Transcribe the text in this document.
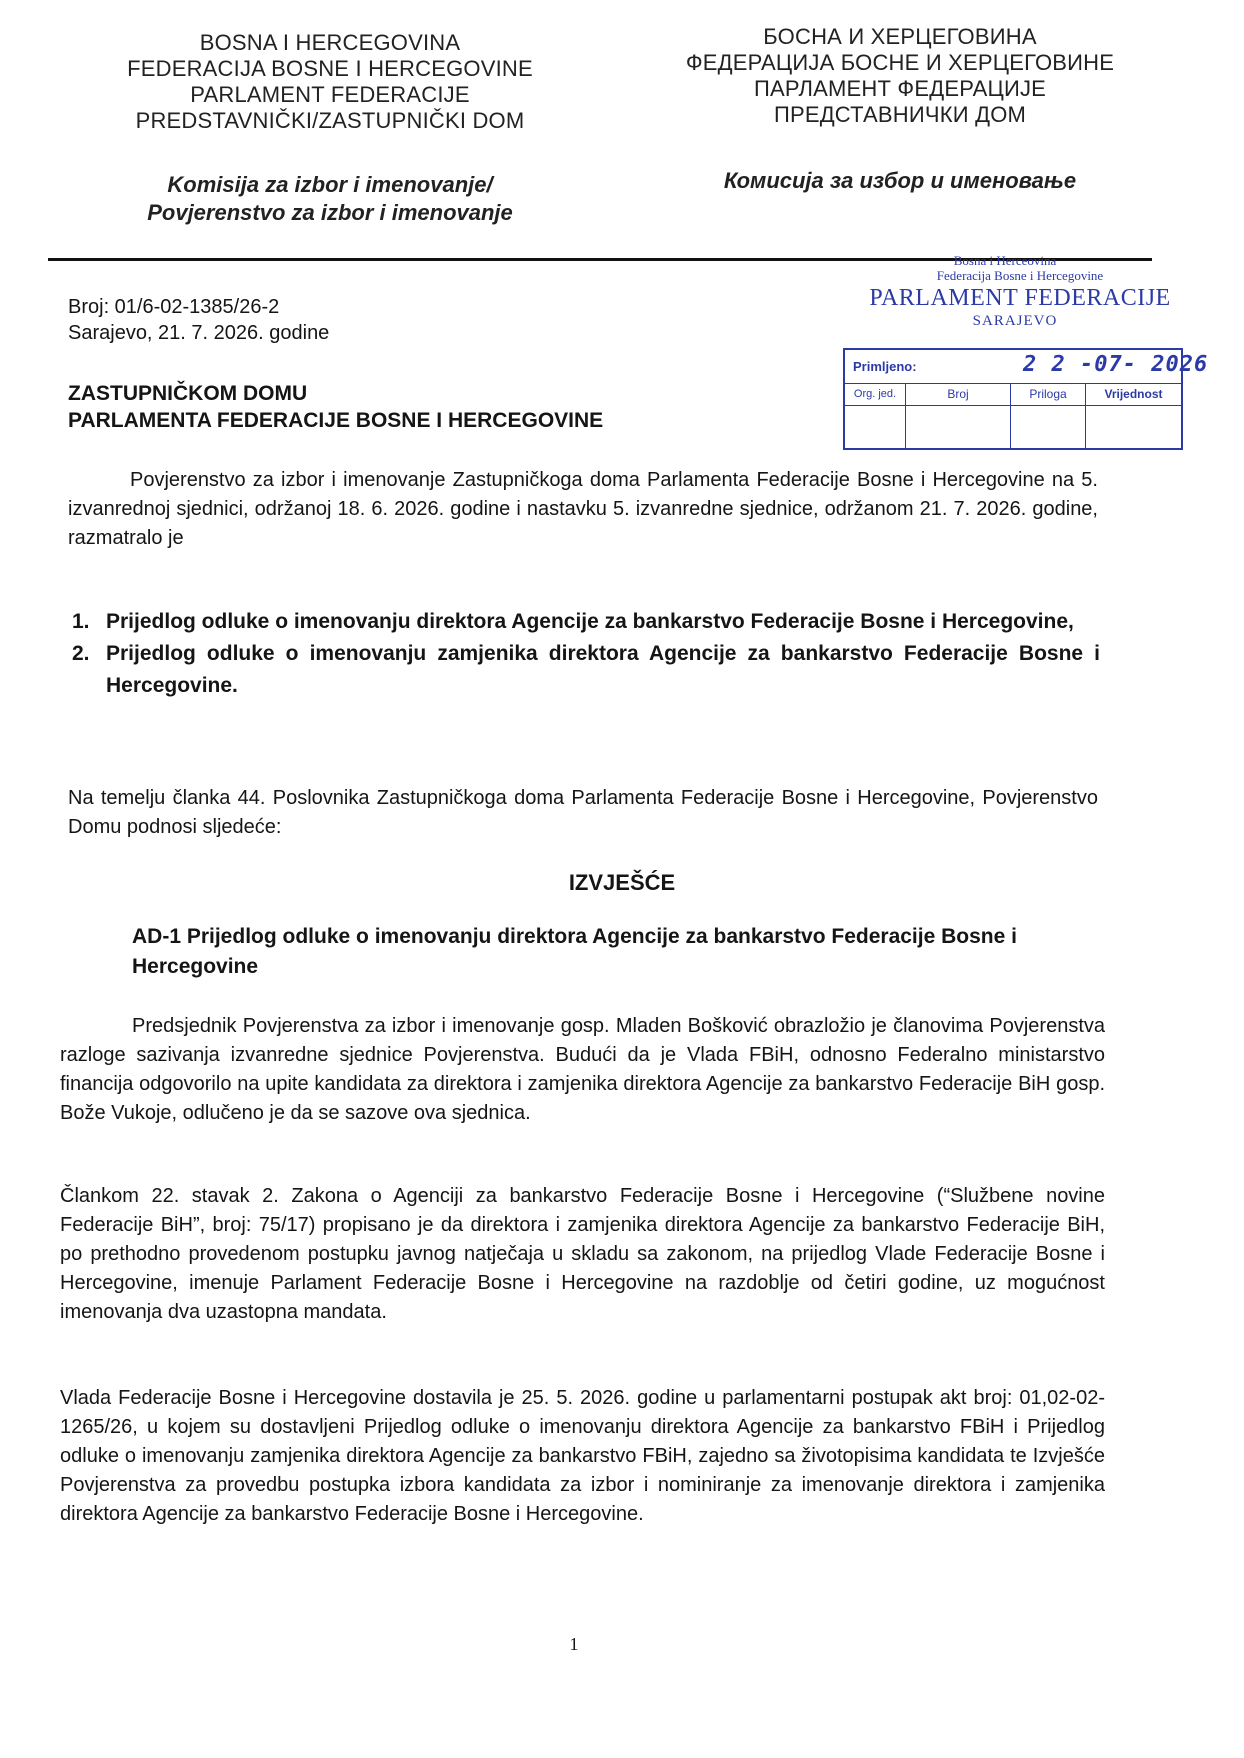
BOSNA I HERCEGOVINA
FEDERACIJA BOSNE I HERCEGOVINE
PARLAMENT FEDERACIJE
PREDSTAVNIČKI/ZASTUPNIČKI DOM
БОСНА И ХЕРЦЕГОВИНА
ФЕДЕРАЦИЈА БОСНЕ И ХЕРЦЕГОВИНЕ
ПАРЛАМЕНТ ФЕДЕРАЦИЈЕ
ПРЕДСТАВНИЧКИ ДОМ
Komisija za izbor i imenovanje/
Povjerenstvo za izbor i imenovanje
Комисија за избор и именовање
Bosna i Herceovina
Federacija Bosne i Hercegovine
PARLAMENT FEDERACIJE
SARAJEVO
Primljeno: 2 2 -07- 2026			

Org. jed.	Broj	Priloga	Vrijednost

Broj: 01/6-02-1385/26-2
Sarajevo, 21. 7. 2026. godine
ZASTUPNIČKOM DOMU
PARLAMENTA FEDERACIJE BOSNE I HERCEGOVINE
Povjerenstvo za izbor i imenovanje Zastupničkoga doma Parlamenta Federacije Bosne i Hercegovine na 5. izvanrednoj sjednici, održanoj 18. 6. 2026. godine i nastavku 5. izvanredne sjednice, održanom 21. 7. 2026. godine, razmatralo je
1. Prijedlog odluke o imenovanju direktora Agencije za bankarstvo Federacije Bosne i Hercegovine,
2. Prijedlog odluke o imenovanju zamjenika direktora Agencije za bankarstvo Federacije Bosne i Hercegovine.
Na temelju članka 44. Poslovnika Zastupničkoga doma Parlamenta Federacije Bosne i Hercegovine, Povjerenstvo Domu podnosi sljedeće:
IZVJEŠĆE
AD-1 Prijedlog odluke o imenovanju direktora Agencije za bankarstvo Federacije Bosne i Hercegovine
Predsjednik Povjerenstva za izbor i imenovanje gosp. Mladen Bošković obrazložio je članovima Povjerenstva razloge sazivanja izvanredne sjednice Povjerenstva. Budući da je Vlada FBiH, odnosno Federalno ministarstvo financija odgovorilo na upite kandidata za direktora i zamjenika direktora Agencije za bankarstvo Federacije BiH gosp. Bože Vukoje, odlučeno je da se sazove ova sjednica.
Člankom 22. stavak 2. Zakona o Agenciji za bankarstvo Federacije Bosne i Hercegovine (“Službene novine Federacije BiH”, broj: 75/17) propisano je da direktora i zamjenika direktora Agencije za bankarstvo Federacije BiH, po prethodno provedenom postupku javnog natječaja u skladu sa zakonom, na prijedlog Vlade Federacije Bosne i Hercegovine, imenuje Parlament Federacije Bosne i Hercegovine na razdoblje od četiri godine, uz mogućnost imenovanja dva uzastopna mandata.
Vlada Federacije Bosne i Hercegovine dostavila je 25. 5. 2026. godine u parlamentarni postupak akt broj: 01,02-02-1265/26, u kojem su dostavljeni Prijedlog odluke o imenovanju direktora Agencije za bankarstvo FBiH i Prijedlog odluke o imenovanju zamjenika direktora Agencije za bankarstvo FBiH, zajedno sa životopisima kandidata te Izvješće Povjerenstva za provedbu postupka izbora kandidata za izbor i nominiranje za imenovanje direktora i zamjenika direktora Agencije za bankarstvo Federacije Bosne i Hercegovine.
1
